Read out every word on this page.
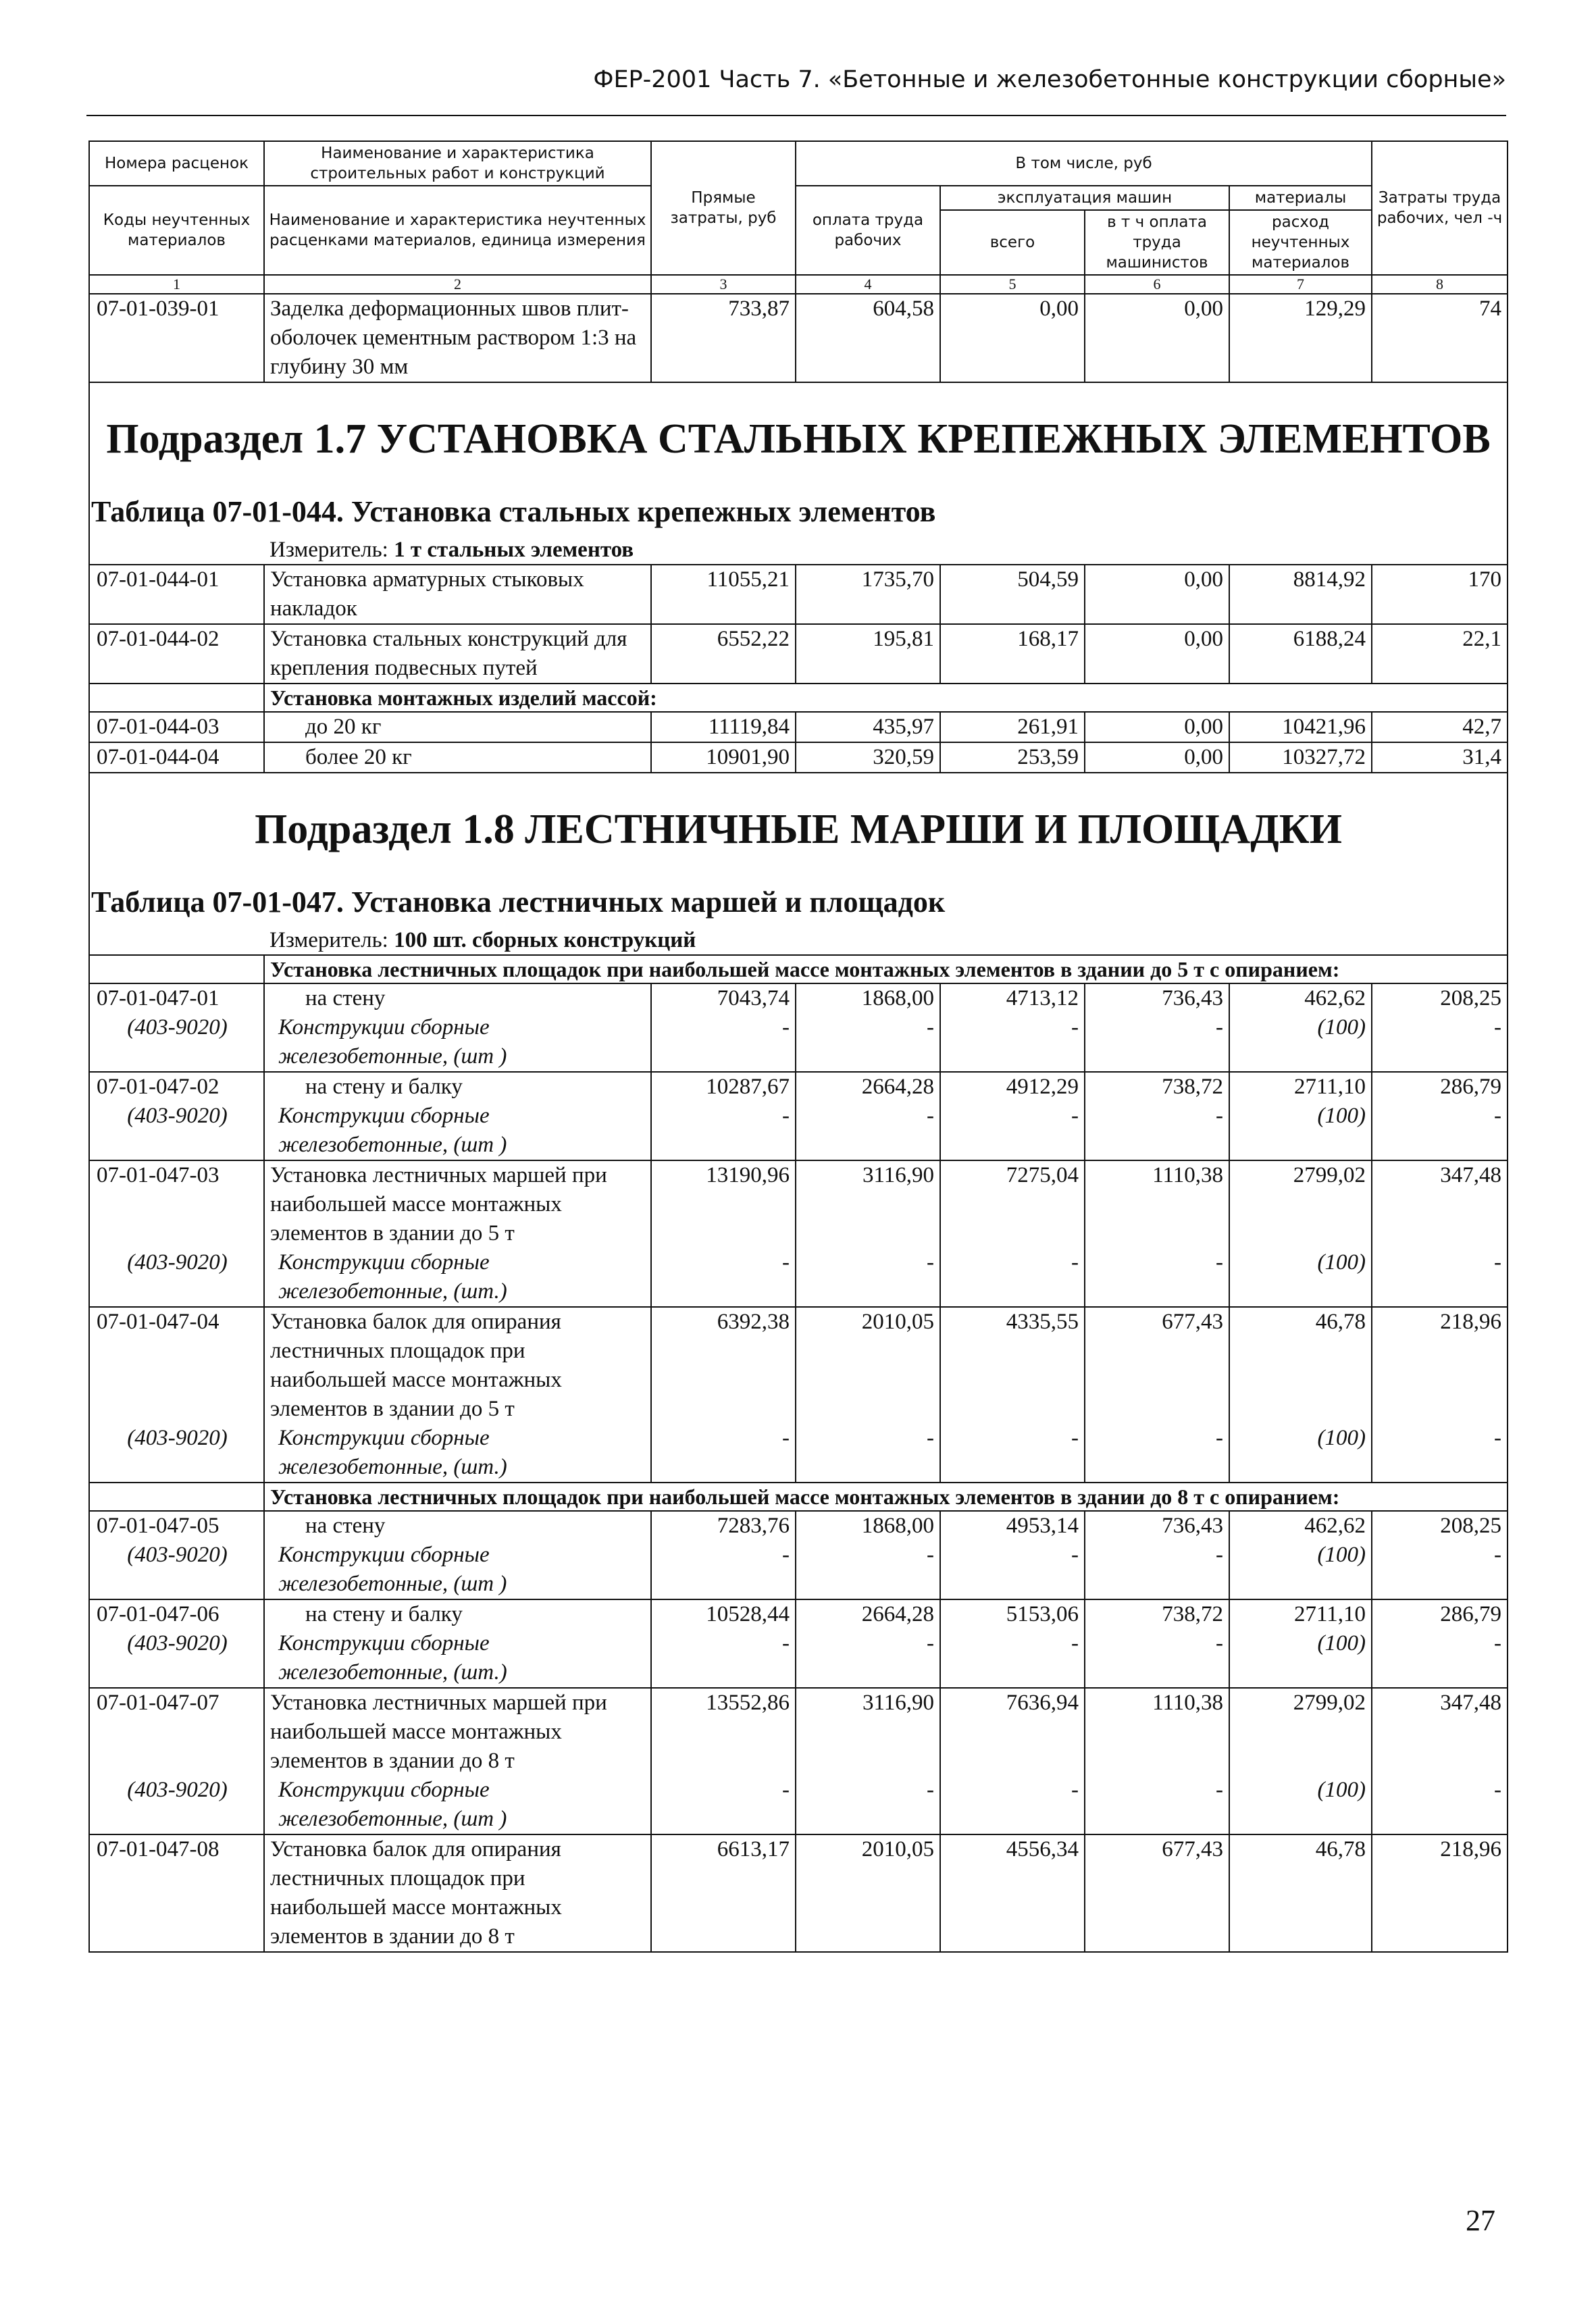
ФЕР-2001 Часть 7. «Бетонные и железобетонные конструкции сборные»
Номера расценок	Наименование и характеристика строительных работ и конструкций	Прямые затраты, руб	В том числе, руб				Затраты труда рабочих, чел -ч
Коды неучтенных материалов	Наименование и характеристика неучтенных расценками материалов, единица измерения		оплата труда рабочих	эксплуатация машин		материалы	
				всего	в т ч оплата труда машинистов	расход неучтенных материалов	
1	2	3	4	5	6	7	8
07-01-039-01	Заделка деформационных швов плит-оболочек цементным раствором 1:3 на глубину 30 мм	733,87	604,58	0,00	0,00	129,29	74
Подраздел 1.7 УСТАНОВКА СТАЛЬНЫХ КРЕПЕЖНЫХ ЭЛЕМЕНТОВ							
Таблица 07-01-044. Установка стальных крепежных элементов							
	Измеритель: 1 т стальных элементов						
07-01-044-01	Установка арматурных стыковых накладок	11055,21	1735,70	504,59	0,00	8814,92	170
07-01-044-02	Установка стальных конструкций для крепления подвесных путей	6552,22	195,81	168,17	0,00	6188,24	22,1
	Установка монтажных изделий массой:						
07-01-044-03	до 20 кг	11119,84	435,97	261,91	0,00	10421,96	42,7
07-01-044-04	более 20 кг	10901,90	320,59	253,59	0,00	10327,72	31,4
Подраздел 1.8 ЛЕСТНИЧНЫЕ МАРШИ И ПЛОЩАДКИ							
Таблица 07-01-047. Установка лестничных маршей и площадок							
	Измеритель: 100 шт. сборных конструкций						
	Установка лестничных площадок при наибольшей массе монтажных элементов в здании до 5 т с опиранием:						
07-01-047-01	на стену	7043,74	1868,00	4713,12	736,43	462,62	208,25
(403-9020)	Конструкции сборные железобетонные, (шт )	-	-	-	-	(100)	-
07-01-047-02	на стену и балку	10287,67	2664,28	4912,29	738,72	2711,10	286,79
(403-9020)	Конструкции сборные железобетонные, (шт )	-	-	-	-	(100)	-
07-01-047-03	Установка лестничных маршей при наибольшей массе монтажных элементов в здании до 5 т	13190,96	3116,90	7275,04	1110,38	2799,02	347,48
(403-9020)	Конструкции сборные железобетонные, (шт.)	-	-	-	-	(100)	-
07-01-047-04	Установка балок для опирания лестничных площадок при наибольшей массе монтажных элементов в здании до 5 т	6392,38	2010,05	4335,55	677,43	46,78	218,96
(403-9020)	Конструкции сборные железобетонные, (шт.)	-	-	-	-	(100)	-
	Установка лестничных площадок при наибольшей массе монтажных элементов в здании до 8 т с опиранием:						
07-01-047-05	на стену	7283,76	1868,00	4953,14	736,43	462,62	208,25
(403-9020)	Конструкции сборные железобетонные, (шт )	-	-	-	-	(100)	-
07-01-047-06	на стену и балку	10528,44	2664,28	5153,06	738,72	2711,10	286,79
(403-9020)	Конструкции сборные железобетонные, (шт.)	-	-	-	-	(100)	-
07-01-047-07	Установка лестничных маршей при наибольшей массе монтажных элементов в здании до 8 т	13552,86	3116,90	7636,94	1110,38	2799,02	347,48
(403-9020)	Конструкции сборные железобетонные, (шт )	-	-	-	-	(100)	-
07-01-047-08	Установка балок для опирания лестничных площадок при наибольшей массе монтажных элементов в здании до 8 т	6613,17	2010,05	4556,34	677,43	46,78	218,96
27
